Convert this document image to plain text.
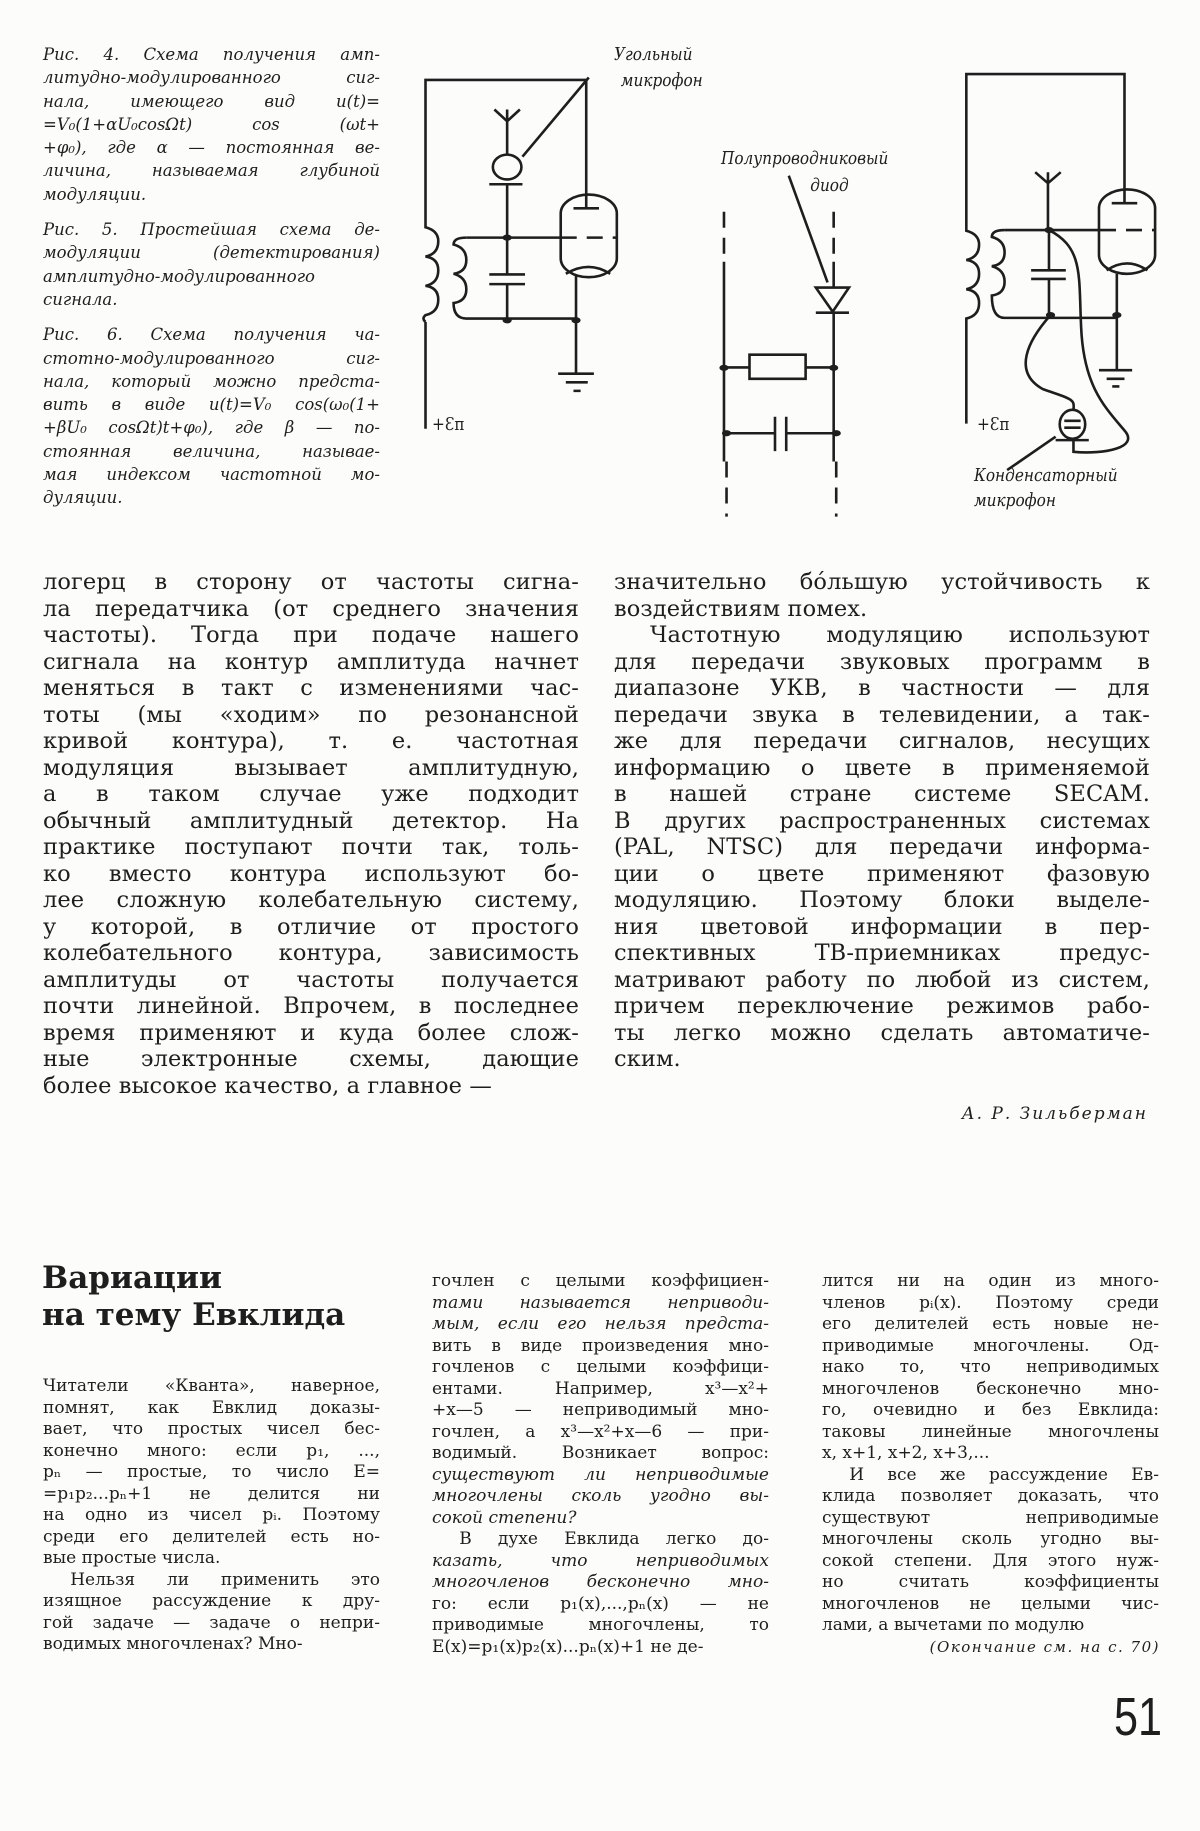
Рис. 4. Схема получения амп-
литудно-модулированного сиг-
нала, имеющего вид u(t)=
=V₀(1+αU₀cosΩt) cos (ωt+
+φ₀), где α — постоянная ве-
личина, называемая глубиной
модуляции.
Рис. 5. Простейшая схема де-
модуляции (детектирования)
амплитудно-модулированного
сигнала.
Рис. 6. Схема получения ча-
стотно-модулированного сиг-
нала, который можно предста-
вить в виде u(t)=V₀ cos(ω₀(1+
+βU₀ cosΩt)t+φ₀), где β — по-
стоянная величина, называе-
мая индексом частотной мо-
дуляции.
Угольный
микрофон
+Ɛп
Полупроводниковый
диод
Конденсаторный
микрофон
+Ɛп
логерц в сторону от частоты сигна-
ла передатчика (от среднего значения
частоты). Тогда при подаче нашего
сигнала на контур амплитуда начнет
меняться в такт с изменениями час-
тоты (мы «ходим» по резонансной
кривой контура), т. е. частотная
модуляция вызывает амплитудную,
а в таком случае уже подходит
обычный амплитудный детектор. На
практике поступают почти так, толь-
ко вместо контура используют бо-
лее сложную колебательную систему,
у которой, в отличие от простого
колебательного контура, зависимость
амплитуды от частоты получается
почти линейной. Впрочем, в последнее
время применяют и куда более слож-
ные электронные схемы, дающие
более высокое качество, а главное —
значительно бóльшую устойчивость к
воздействиям помех.
Частотную модуляцию используют
для передачи звуковых программ в
диапазоне УКВ, в частности — для
передачи звука в телевидении, а так-
же для передачи сигналов, несущих
информацию о цвете в применяемой
в нашей стране системе SECAM.
В других распространенных системах
(PAL, NTSC) для передачи информа-
ции о цвете применяют фазовую
модуляцию. Поэтому блоки выделе-
ния цветовой информации в пер-
спективных ТВ-приемниках предус-
матривают работу по любой из систем,
причем переключение режимов рабо-
ты легко можно сделать автоматиче-
ским.
А. Р. Зильберман
Вариации
на тему Евклида
Читатели «Кванта», наверное,
помнят, как Евклид доказы-
вает, что простых чисел бес-
конечно много: если p₁, ...,
pₙ — простые, то число E=
=p₁p₂...pₙ+1 не делится ни
на одно из чисел pᵢ. Поэтому
среди его делителей есть но-
вые простые числа.
Нельзя ли применить это
изящное рассуждение к дру-
гой задаче — задаче о непри-
водимых многочленах? Мно-
гочлен с целыми коэффициен-
тами называется неприводи-
мым, если его нельзя предста-
вить в виде произведения мно-
гочленов с целыми коэффици-
ентами. Например, x³—x²+
+x—5 — неприводимый мно-
гочлен, а x³—x²+x—6 — при-
водимый. Возникает вопрос:
существуют ли неприводимые
многочлены сколь угодно вы-
сокой степени?
В духе Евклида легко до-
казать, что неприводимых
многочленов бесконечно мно-
го: если p₁(x),...,pₙ(x) — не
приводимые многочлены, то
E(x)=p₁(x)p₂(x)...pₙ(x)+1 не де-
лится ни на один из много-
членов pᵢ(x). Поэтому среди
его делителей есть новые не-
приводимые многочлены. Од-
нако то, что неприводимых
многочленов бесконечно мно-
го, очевидно и без Евклида:
таковы линейные многочлены
x, x+1, x+2, x+3,...
И все же рассуждение Ев-
клида позволяет доказать, что
существуют неприводимые
многочлены сколь угодно вы-
сокой степени. Для этого нуж-
но считать коэффициенты
многочленов не целыми чис-
лами, а вычетами по модулю
(Окончание см. на с. 70)
51
